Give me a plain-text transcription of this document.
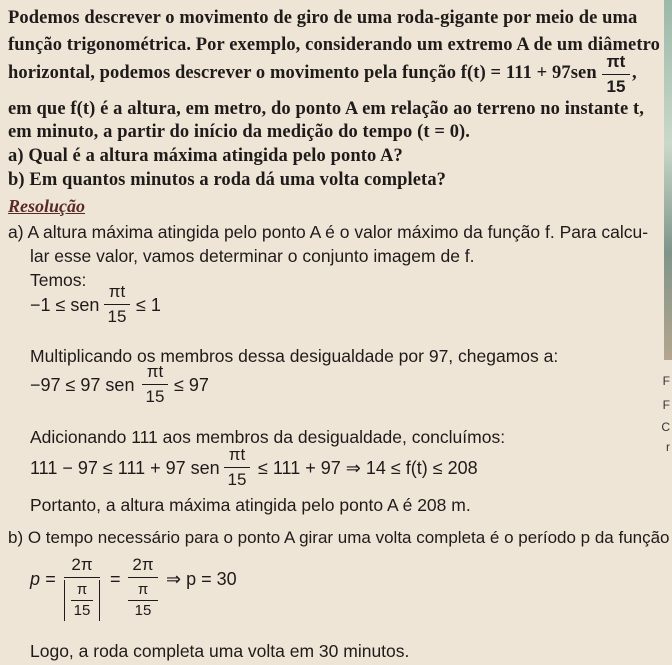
F
F
C
r
Podemos descrever o movimento de giro de uma roda-gigante por meio de uma
função trigonométrica. Por exemplo, considerando um extremo A de um diâmetro
horizontal, podemos descrever o movimento pela função f(t) = 111 + 97sen
πt
15
,
em que f(t) é a altura, em metro, do ponto A em relação ao terreno no instante t,
em minuto, a partir do início da medição do tempo (t = 0).
a) Qual é a altura máxima atingida pelo ponto A?
b) Em quantos minutos a roda dá uma volta completa?
Resolução
a) A altura máxima atingida pelo ponto A é o valor máximo da função f. Para calcu-
lar esse valor, vamos determinar o conjunto imagem de f.
Temos:
−1 ≤ sen
πt
15
≤ 1
Multiplicando os membros dessa desigualdade por 97, chegamos a:
−97 ≤ 97 sen
πt
15
≤ 97
Adicionando 111 aos membros da desigualdade, concluímos:
111 − 97 ≤ 111 + 97 sen
πt
15
≤ 111 + 97 ⇒ 14 ≤ f(t) ≤ 208
Portanto, a altura máxima atingida pelo ponto A é 208 m.
b) O tempo necessário para o ponto A girar uma volta completa é o período p da função
p =
2π
π
15
=
2π
π
15
⇒ p = 30
Logo, a roda completa uma volta em 30 minutos.
